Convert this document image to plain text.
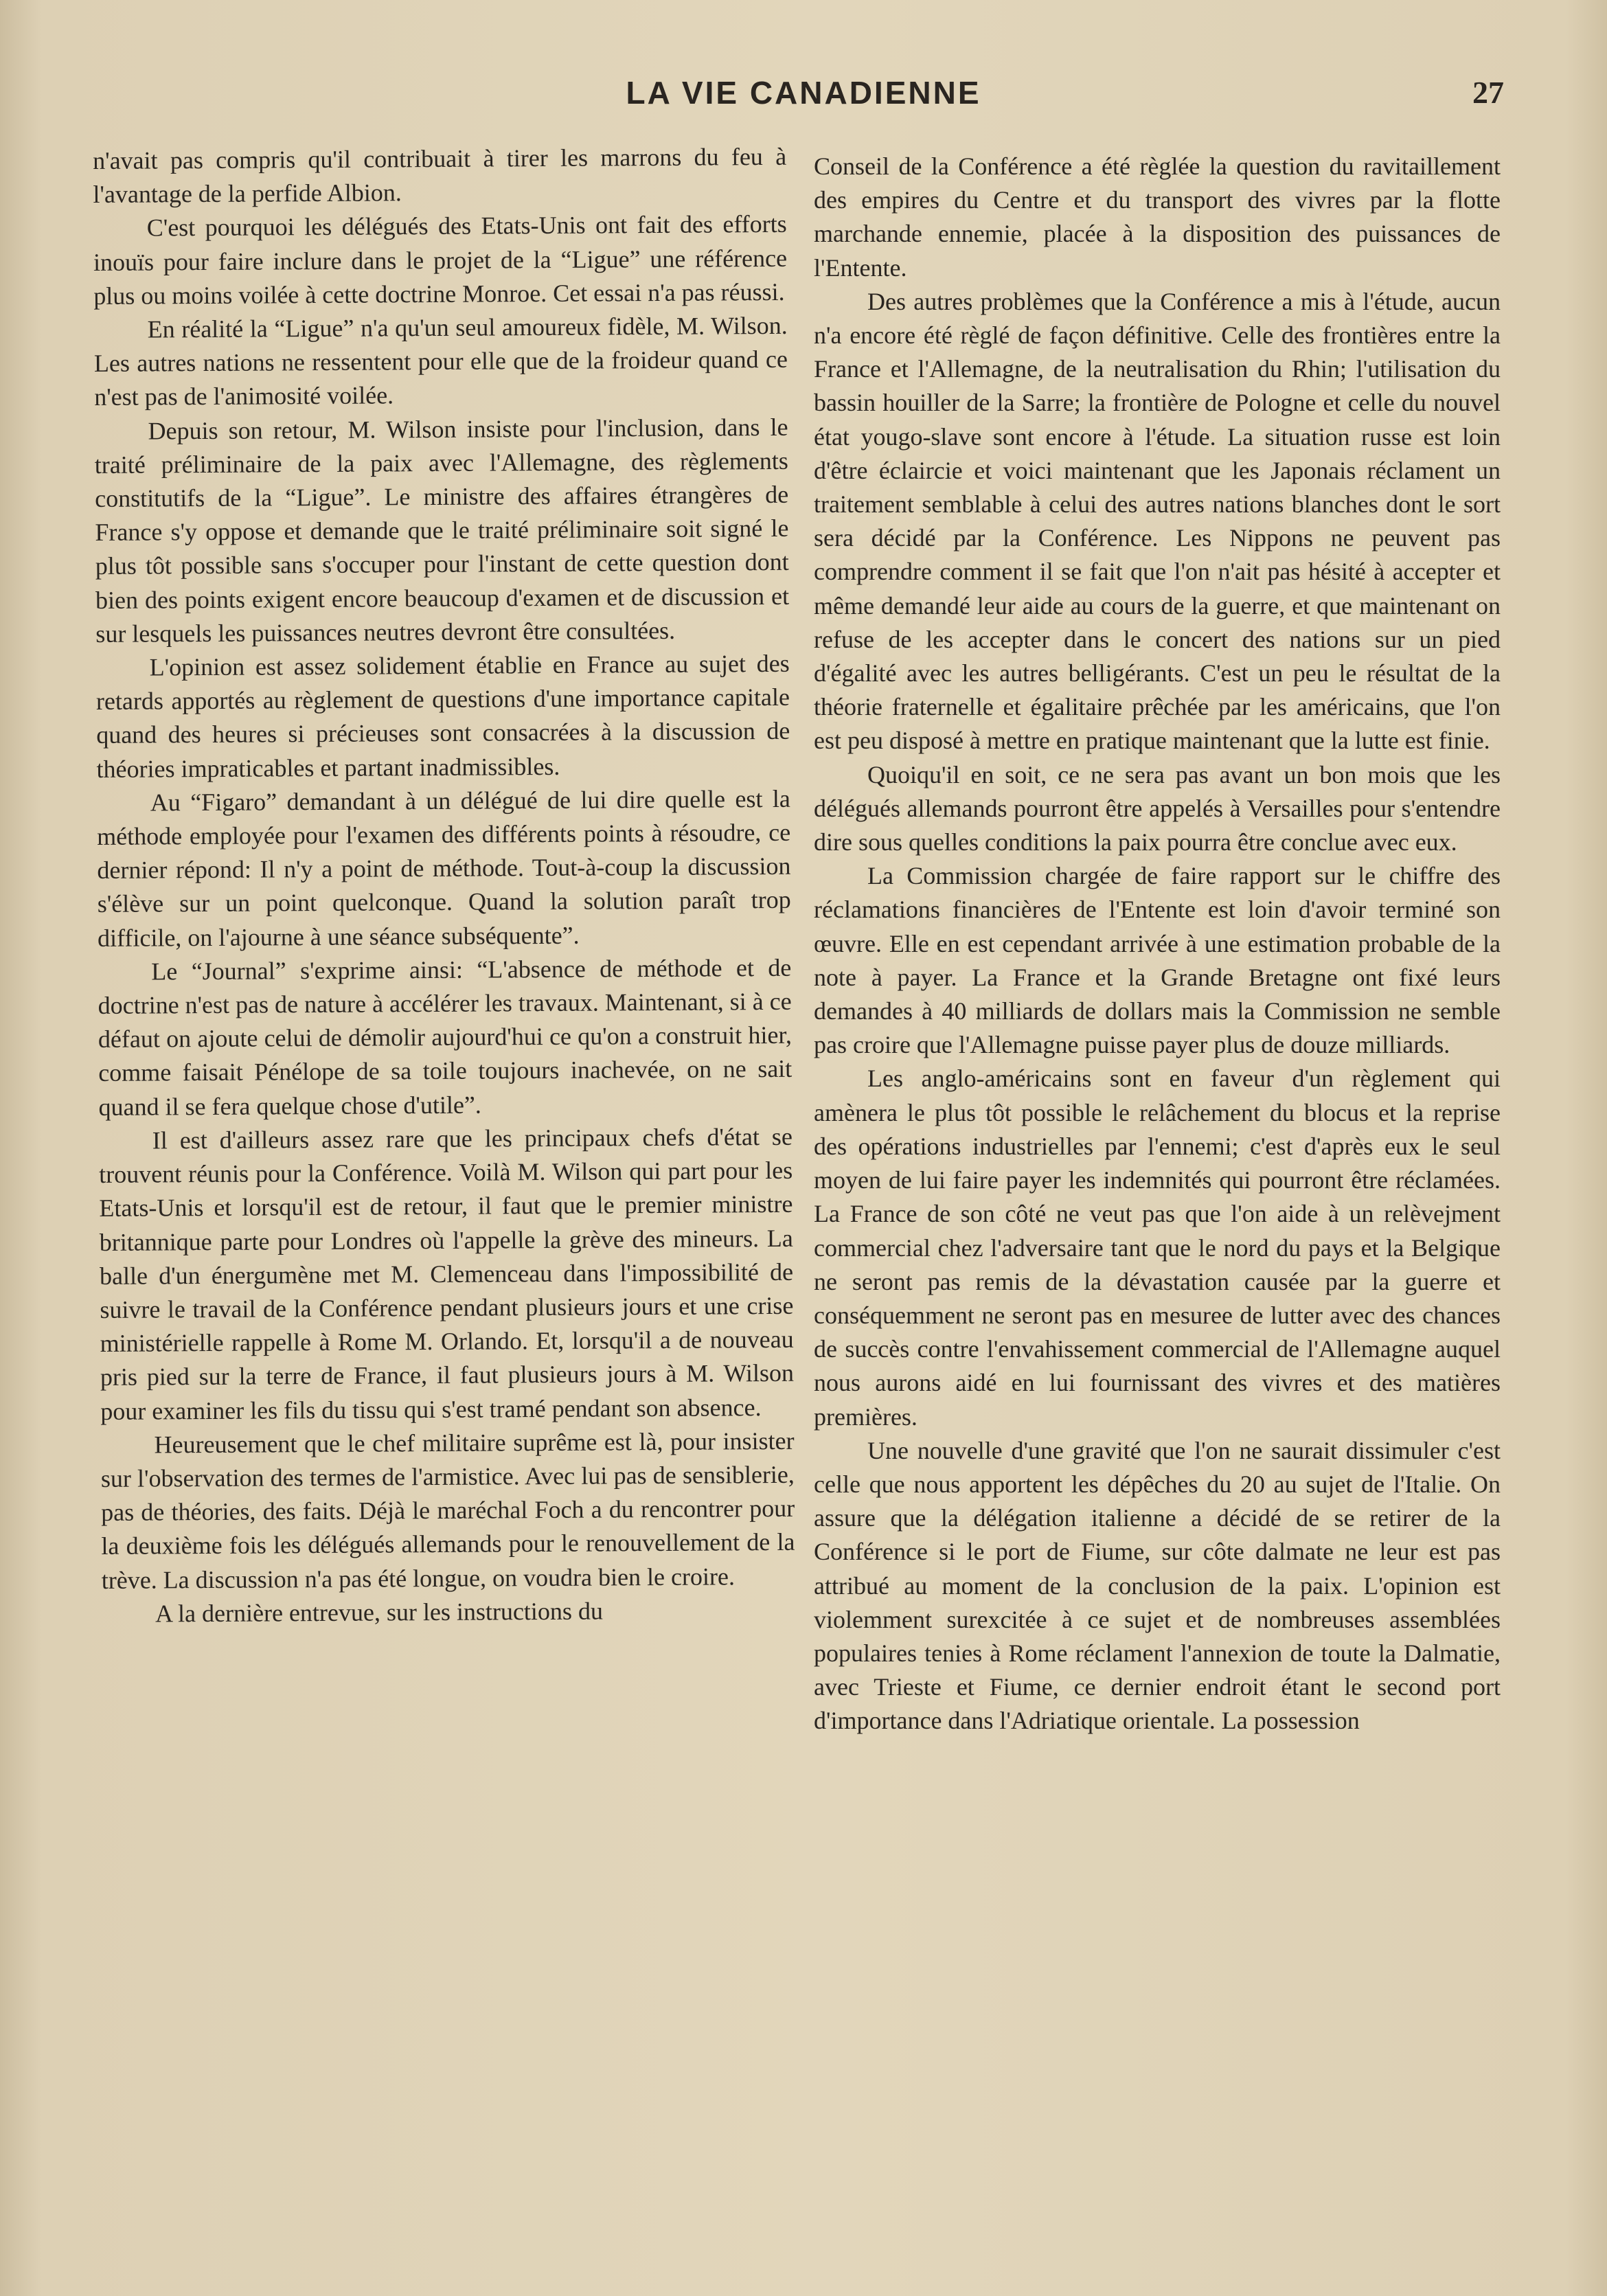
LA VIE CANADIENNE	27

n'avait pas compris qu'il contribuait à tirer les marrons du feu à l'avantage de la perfide Albion.

C'est pourquoi les délégués des Etats-Unis ont fait des efforts inouïs pour faire inclure dans le projet de la “Ligue” une référence plus ou moins voilée à cette doctrine Monroe. Cet essai n'a pas réussi.

En réalité la “Ligue” n'a qu'un seul amoureux fidèle, M. Wilson. Les autres nations ne ressentent pour elle que de la froideur quand ce n'est pas de l'animosité voilée.

Depuis son retour, M. Wilson insiste pour l'inclusion, dans le traité préliminaire de la paix avec l'Allemagne, des règlements constitutifs de la “Ligue”. Le ministre des affaires étrangères de France s'y oppose et demande que le traité préliminaire soit signé le plus tôt possible sans s'occuper pour l'instant de cette question dont bien des points exigent encore beaucoup d'examen et de discussion et sur lesquels les puissances neutres devront être consultées.

L'opinion est assez solidement établie en France au sujet des retards apportés au règlement de questions d'une importance capitale quand des heures si précieuses sont consacrées à la discussion de théories impraticables et partant inadmissibles.

Au “Figaro” demandant à un délégué de lui dire quelle est la méthode employée pour l'examen des différents points à résoudre, ce dernier répond: Il n'y a point de méthode. Tout-à-coup la discussion s'élève sur un point quelconque. Quand la solution paraît trop difficile, on l'ajourne à une séance subséquente”.

Le “Journal” s'exprime ainsi: “L'absence de méthode et de doctrine n'est pas de nature à accélérer les travaux. Maintenant, si à ce défaut on ajoute celui de démolir aujourd'hui ce qu'on a construit hier, comme faisait Pénélope de sa toile toujours inachevée, on ne sait quand il se fera quelque chose d'utile”.

Il est d'ailleurs assez rare que les principaux chefs d'état se trouvent réunis pour la Conférence. Voilà M. Wilson qui part pour les Etats-Unis et lorsqu'il est de retour, il faut que le premier ministre britannique parte pour Londres où l'appelle la grève des mineurs. La balle d'un énergumène met M. Clemenceau dans l'impossibilité de suivre le travail de la Conférence pendant plusieurs jours et une crise ministérielle rappelle à Rome M. Orlando. Et, lorsqu'il a de nouveau pris pied sur la terre de France, il faut plusieurs jours à M. Wilson pour examiner les fils du tissu qui s'est tramé pendant son absence.

Heureusement que le chef militaire suprême est là, pour insister sur l'observation des termes de l'armistice. Avec lui pas de sensiblerie, pas de théories, des faits. Déjà le maréchal Foch a du rencontrer pour la deuxième fois les délégués allemands pour le renouvellement de la trève. La discussion n'a pas été longue, on voudra bien le croire.

A la dernière entrevue, sur les instructions du

Conseil de la Conférence a été règlée la question du ravitaillement des empires du Centre et du transport des vivres par la flotte marchande ennemie, placée à la disposition des puissances de l'Entente.

Des autres problèmes que la Conférence a mis à l'étude, aucun n'a encore été règlé de façon définitive. Celle des frontières entre la France et l'Allemagne, de la neutralisation du Rhin; l'utilisation du bassin houiller de la Sarre; la frontière de Pologne et celle du nouvel état yougo-slave sont encore à l'étude. La situation russe est loin d'être éclaircie et voici maintenant que les Japonais réclament un traitement semblable à celui des autres nations blanches dont le sort sera décidé par la Conférence. Les Nippons ne peuvent pas comprendre comment il se fait que l'on n'ait pas hésité à accepter et même demandé leur aide au cours de la guerre, et que maintenant on refuse de les accepter dans le concert des nations sur un pied d'égalité avec les autres belligérants. C'est un peu le résultat de la théorie fraternelle et égalitaire prêchée par les américains, que l'on est peu disposé à mettre en pratique maintenant que la lutte est finie.

Quoiqu'il en soit, ce ne sera pas avant un bon mois que les délégués allemands pourront être appelés à Versailles pour s'entendre dire sous quelles conditions la paix pourra être conclue avec eux.

La Commission chargée de faire rapport sur le chiffre des réclamations financières de l'Entente est loin d'avoir terminé son œuvre. Elle en est cependant arrivée à une estimation probable de la note à payer. La France et la Grande Bretagne ont fixé leurs demandes à 40 milliards de dollars mais la Commission ne semble pas croire que l'Allemagne puisse payer plus de douze milliards.

Les anglo-américains sont en faveur d'un règlement qui amènera le plus tôt possible le relâchement du blocus et la reprise des opérations industrielles par l'ennemi; c'est d'après eux le seul moyen de lui faire payer les indemnités qui pourront être réclamées. La France de son côté ne veut pas que l'on aide à un relèvejment commercial chez l'adversaire tant que le nord du pays et la Belgique ne seront pas remis de la dévastation causée par la guerre et conséquemment ne seront pas en mesuree de lutter avec des chances de succès contre l'envahissement commercial de l'Allemagne auquel nous aurons aidé en lui fournissant des vivres et des matières premières.

Une nouvelle d'une gravité que l'on ne saurait dissimuler c'est celle que nous apportent les dépêches du 20 au sujet de l'Italie. On assure que la délégation italienne a décidé de se retirer de la Conférence si le port de Fiume, sur côte dalmate ne leur est pas attribué au moment de la conclusion de la paix. L'opinion est violemment surexcitée à ce sujet et de nombreuses assemblées populaires tenies à Rome réclament l'annexion de toute la Dalmatie, avec Trieste et Fiume, ce dernier endroit étant le second port d'importance dans l'Adriatique orientale. La possession
